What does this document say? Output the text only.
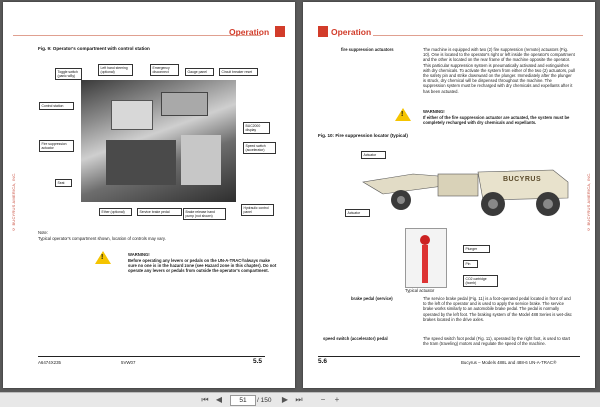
Operation
Fig. 9: Operator's compartment with control station
Toggle switch (panic wBy)
Left hand steering (optional)
Emergency disconnect	Gauge panel	Circuit breaker reset
Control station
Fire suppression actuator
BUC2000 display
Speed switch (accelerator)
Seat
Ether (optional)	Service brake pedal	Brake release hand pump (not shown)
Hydraulic control panel
Note:
Typical operator's compartment shown, location of controls may vary.
!	WARNING!
Before operating any levers or pedals on the UN-A-TRAC®always make sure no one is in the hazard zone (see Hazard zone in this chapter). Do not operate any levers or pedals from outside the operator's compartment.
© BUCYRUS AMERICA, INC.
A6474X235	5VW07	5.5
Operation
fire suppression actuators	The machine is equipped with two (2) fire suppression (remote) actuators (Fig. 10). One is located to the operator's right or left inside the operator's compartment and the other is located on the rear frame of the machine opposite the operator. This particular suppression system is pneumatically activated and extinguishes with dry chemicals. To activate the system from either of the two (2) actuators, pull the safety pin and strike downward on the plunger. Immediately after the plunger is struck, dry chemical will be dispensed throughout the machine. The suppression system must be recharged with dry chemicals and expellants after it has been actuated.
!	WARNING!
If either of the fire suppression actuator are actuated, the system must be completely recharged with dry chemicals and expellants.
Fig. 10: Fire suppression locator (typical)
BUCYRUS
Actuator
Actuator
Plunger
Pin
CO2 cartridge (bomb)
Typical actuator
brake pedal (service)	The service brake pedal (Fig. 11) is a foot-operated pedal located in front of and to the left of the operator and is used to apply the service brake. The service brake works similarly to an automobile brake pedal. The pedal is normally operated by the left foot. The braking system of the Model 488 Series is wet-disc brakes located in the drive axles.
speed switch (accelerator) pedal	The speed switch foot pedal (Fig. 11), operated by the right foot, is used to start the tram (traveling) motors and regulate the speed of the machine.
© BUCYRUS AMERICA, INC.
5.6	Bucyrus – Models 488L and 488-6 UN-A-TRAC®
⏮ ◀	51	/ 150 ▶ ⏭	−	+
